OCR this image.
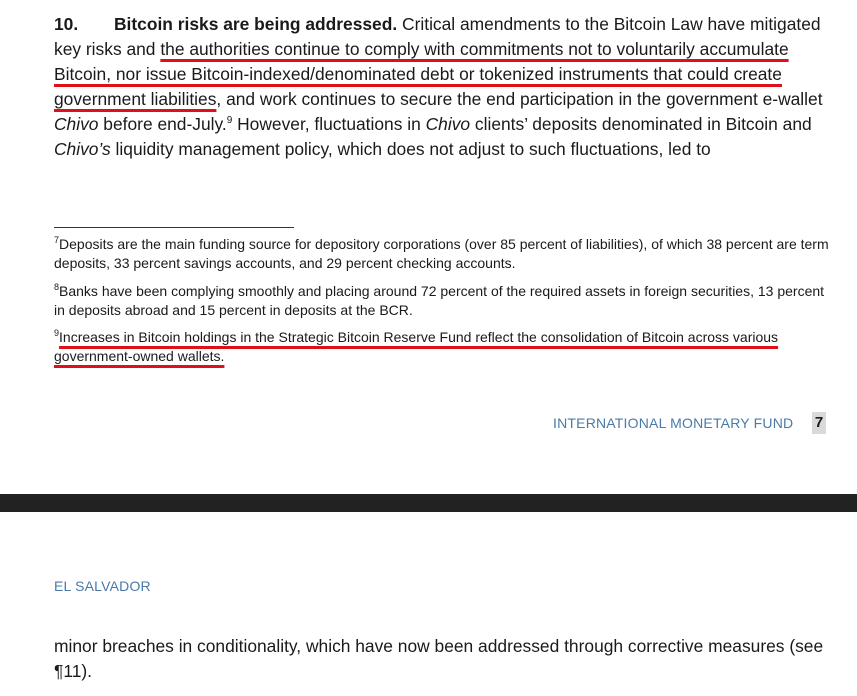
10. Bitcoin risks are being addressed. Critical amendments to the Bitcoin Law have mitigated key risks and the authorities continue to comply with commitments not to voluntarily accumulate Bitcoin, nor issue Bitcoin-indexed/denominated debt or tokenized instruments that could create government liabilities, and work continues to secure the end participation in the government e-wallet Chivo before end-July.$^9$ However, fluctuations in Chivo clients’ deposits denominated in Bitcoin and Chivo’s liquidity management policy, which does not adjust to such fluctuations, led to

$^7$Deposits are the main funding source for depository corporations (over 85 percent of liabilities), of which 38 percent are term deposits, 33 percent savings accounts, and 29 percent checking accounts.

$^8$Banks have been complying smoothly and placing around 72 percent of the required assets in foreign securities, 13 percent in deposits abroad and 15 percent in deposits at the BCR.

$^9$Increases in Bitcoin holdings in the Strategic Bitcoin Reserve Fund reflect the consolidation of Bitcoin across various government-owned wallets.

INTERNATIONAL MONETARY FUND 7
EL SALVADOR

minor breaches in conditionality, which have now been addressed through corrective measures (see ¶11).
